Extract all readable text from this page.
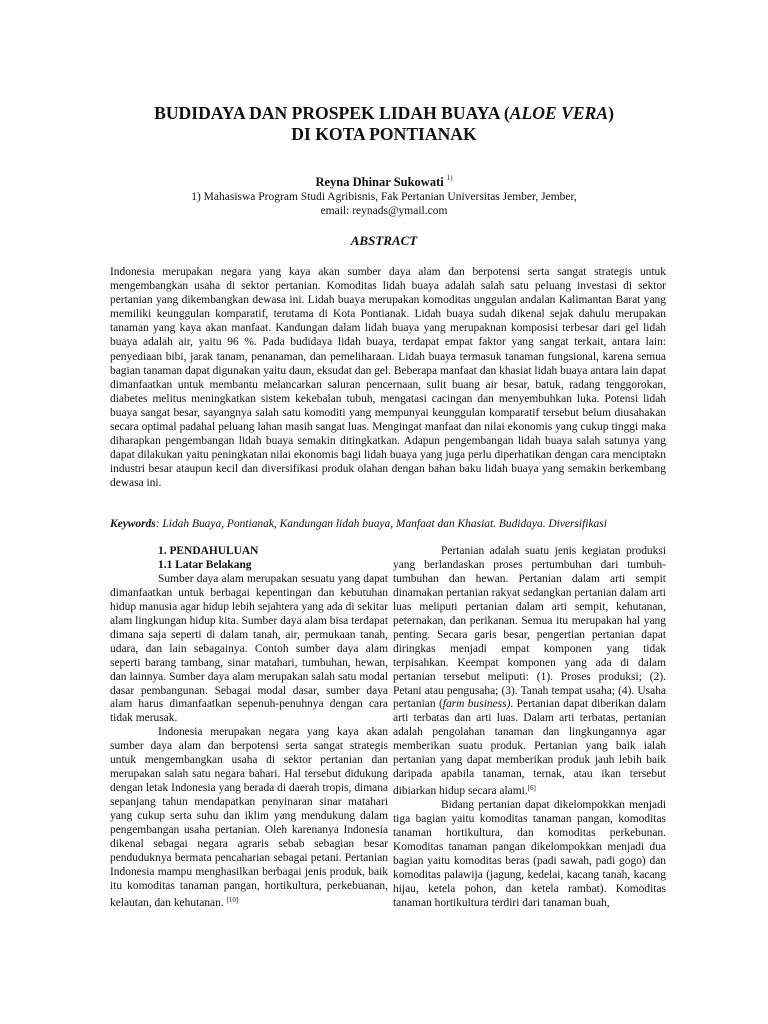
BUDIDAYA DAN PROSPEK LIDAH BUAYA (ALOE VERA)
DI KOTA PONTIANAK
Reyna Dhinar Sukowati $^{1)}$
1) Mahasiswa Program Studi Agribisnis, Fak Pertanian Universitas Jember, Jember,
email: reynads@ymail.com
ABSTRACT
Indonesia merupakan negara yang kaya akan sumber daya alam dan berpotensi serta sangat strategis untuk mengembangkan usaha di sektor pertanian. Komoditas lidah buaya adalah salah satu peluang investasi di sektor pertanian yang dikembangkan dewasa ini. Lidah buaya merupakan komoditas unggulan andalan Kalimantan Barat yang memiliki keunggulan komparatif, terutama di Kota Pontianak. Lidah buaya sudah dikenal sejak dahulu merupakan tanaman yang kaya akan manfaat. Kandungan dalam lidah buaya yang merupaknan komposisi terbesar dari gel lidah buaya adalah air, yaitu 96 %. Pada budidaya lidah buaya, terdapat empat faktor yang sangat terkait, antara lain: penyediaan bibi, jarak tanam, penanaman, dan pemeliharaan. Lidah buaya termasuk tanaman fungsional, karena semua bagian tanaman dapat digunakan yaitu daun, eksudat dan gel. Beberapa manfaat dan khasiat lidah buaya antara lain dapat dimanfaatkan untuk membantu melancarkan saluran pencernaan, sulit buang air besar, batuk, radang tenggorokan, diabetes melitus meningkatkan sistem kekebalan tubuh, mengatasi cacingan dan menyembuhkan luka. Potensi lidah buaya sangat besar, sayangnya salah satu komoditi yang mempunyai keunggulan komparatif tersebut belum diusahakan secara optimal padahal peluang lahan masih sangat luas. Mengingat manfaat dan nilai ekonomis yang cukup tinggi maka diharapkan pengembangan lidah buaya semakin ditingkatkan. Adapun pengembangan lidah buaya salah satunya yang dapat dilakukan yaitu peningkatan nilai ekonomis bagi lidah buaya yang juga perlu diperhatikan dengan cara menciptakn industri besar ataupun kecil dan diversifikasi produk olahan dengan bahan baku lidah buaya yang semakin berkembang dewasa ini.
Keywords: Lidah Buaya, Pontianak, Kandungan lidah buaya, Manfaat dan Khasiat. Budidaya. Diversifikasi

1. PENDAHULUAN

1.1 Latar Belakang

Sumber daya alam merupakan sesuatu yang dapat dimanfaatkan untuk berbagai kepentingan dan kebutuhan hidup manusia agar hidup lebih sejahtera yang ada di sekitar alam lingkungan hidup kita. Sumber daya alam bisa terdapat dimana saja seperti di dalam tanah, air, permukaan tanah, udara, dan lain sebagainya. Contoh sumber daya alam seperti barang tambang, sinar matahari, tumbuhan, hewan, dan lainnya. Sumber daya alam merupakan salah satu modal dasar pembangunan. Sebagai modal dasar, sumber daya alam harus dimanfaatkan sepenuh-penuhnya dengan cara tidak merusak.

Indonesia merupakan negara yang kaya akan sumber daya alam dan berpotensi serta sangat strategis untuk mengembangkan usaha di sektor pertanian dan merupakan salah satu negara bahari. Hal tersebut didukung dengan letak Indonesia yang berada di daerah tropis, dimana sepanjang tahun mendapatkan penyinaran sinar matahari yang cukup serta suhu dan iklim yang mendukung dalam pengembangan usaha pertanian. Oleh karenanya Indonesia dikenal sebagai negara agraris sebab sebagian besar penduduknya bermata pencaharian sebagai petani. Pertanian Indonesia mampu menghasilkan berbagai jenis produk, baik itu komoditas tanaman pangan, hortikultura, perkebuanan, kelautan, dan kehutanan. [10]

Pertanian adalah suatu jenis kegiatan produksi yang berlandaskan proses pertumbuhan dari tumbuh-tumbuhan dan hewan. Pertanian dalam arti sempit dinamakan pertanian rakyat sedangkan pertanian dalam arti luas meliputi pertanian dalam arti sempit, kehutanan, peternakan, dan perikanan. Semua itu merupakan hal yang penting. Secara garis besar, pengertian pertanian dapat diringkas menjadi empat komponen yang tidak terpisahkan. Keempat komponen yang ada di dalam pertanian tersebut meliputi: (1). Proses produksi; (2). Petani atau pengusaha; (3). Tanah tempat usaha; (4). Usaha pertanian (farm business). Pertanian dapat diberikan dalam arti terbatas dan arti luas. Dalam arti terbatas, pertanian adalah pengolahan tanaman dan lingkungannya agar memberikan suatu produk. Pertanian yang baik ialah pertanian yang dapat memberikan produk jauh lebih baik daripada apabila tanaman, ternak, atau ikan tersebut dibiarkan hidup secara alami.[6]

Bidang pertanian dapat dikelompokkan menjadi tiga bagian yaitu komoditas tanaman pangan, komoditas tanaman hortikultura, dan komoditas perkebunan. Komoditas tanaman pangan dikelompokkan menjadi dua bagian yaitu komoditas beras (padi sawah, padi gogo) dan komoditas palawija (jagung, kedelai, kacang tanah, kacang hijau, ketela pohon, dan ketela rambat). Komoditas tanaman hortikultura terdiri dari tanaman buah,
